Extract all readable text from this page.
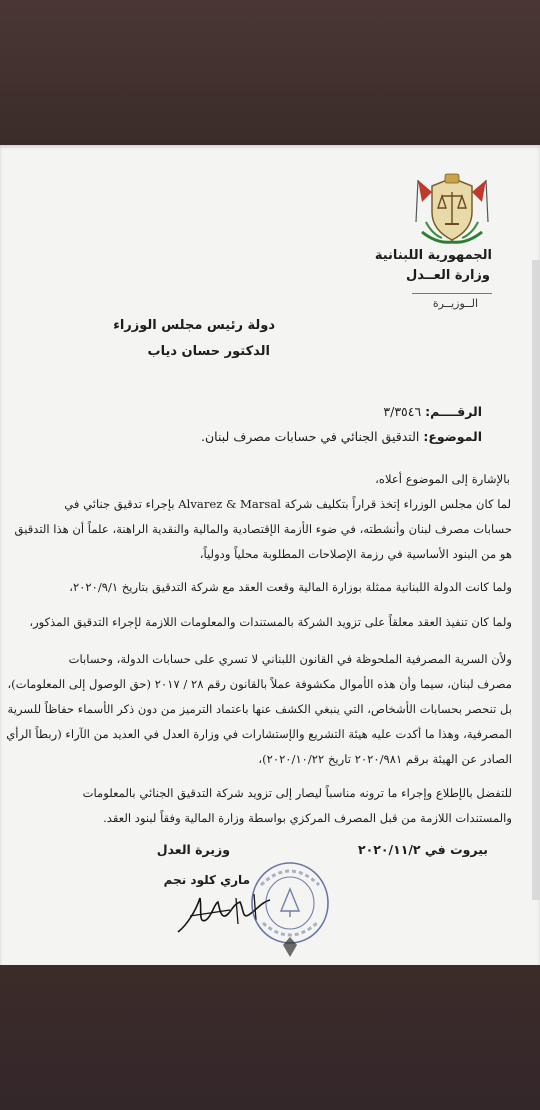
الجمهورية اللبنانية
وزارة العــدل
الــوزيــرة
دولة رئيس مجلس الوزراء
الدكتور حسان دياب
الرقــــم: ٣/٣٥٤٦
الموضوع: التدقيق الجنائي في حسابات مصرف لبنان.
بالإشارة إلى الموضوع أعلاه،
لما كان مجلس الوزراء إتخذ قراراً بتكليف شركة Alvarez & Marsal بإجراء تدقيق جنائي في
حسابات مصرف لبنان وأنشطته، في ضوء الأزمة الإقتصادية والمالية والنقدية الراهنة، علماً أن هذا التدقيق
هو من البنود الأساسية في رزمة الإصلاحات المطلوبة محلياً ودولياً،
ولما كانت الدولة اللبنانية ممثلة بوزارة المالية وقعت العقد مع شركة التدقيق بتاريخ ٢٠٢٠/٩/١،
ولما كان تنفيذ العقد معلقاً على تزويد الشركة بالمستندات والمعلومات اللازمة لإجراء التدقيق المذكور،
ولأن السرية المصرفية الملحوظة في القانون اللبناني لا تسري على حسابات الدولة، وحسابات
مصرف لبنان، سيما وأن هذه الأموال مكشوفة عملاً بالقانون رقم ٢٨ / ٢٠١٧ (حق الوصول إلى المعلومات)،
بل تنحصر بحسابات الأشخاص، التي ينبغي الكشف عنها باعتماد الترميز من دون ذكر الأسماء حفاظاً للسرية
المصرفية، وهذا ما أكدت عليه هيئة التشريع والإستشارات في وزارة العدل في العديد من الآراء (ربطاً الرأي
الصادر عن الهيئة برقم ٢٠٢٠/٩٨١ تاريخ ٢٠٢٠/١٠/٢٢)،
للتفضل بالإطلاع وإجراء ما ترونه مناسباً ليصار إلى تزويد شركة التدقيق الجنائي بالمعلومات
والمستندات اللازمة من قبل المصرف المركزي بواسطة وزارة المالية وفقاً لبنود العقد.
بيروت في ٢٠٢٠/١١/٢
وزيرة العدل
ماري كلود نجم
